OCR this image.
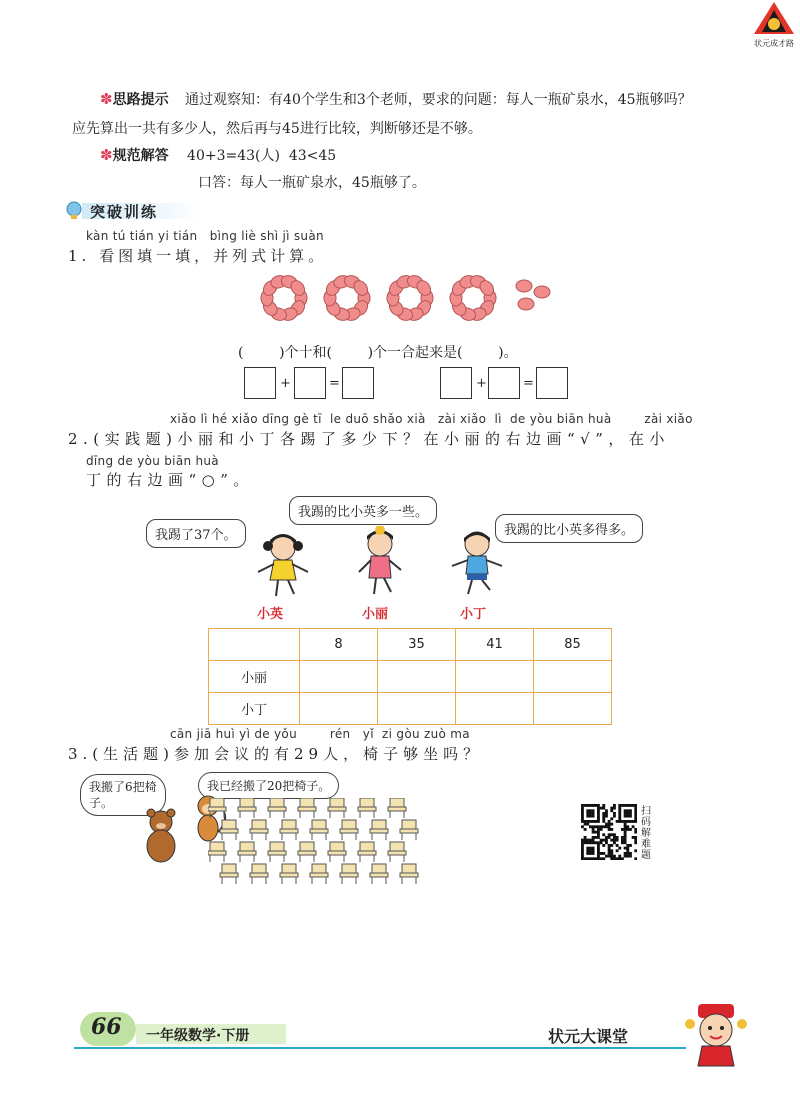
状元成才路
✽思路提示 通过观察知：有40个学生和3个老师，要求的问题：每人一瓶矿泉水，45瓶够吗？
应先算出一共有多少人，然后再与45进行比较，判断够还是不够。
✽规范解答 40+3=43(人)  43<45
口答：每人一瓶矿泉水，45瓶够了。
突破训练
kàn tú tián yi tián   bìng liè shì jì suàn
1. 看图填一填，并列式计算。
(        )个十和(        )个一合起来是(        )。
+	=	+	=
xiǎo lì hé xiǎo dīng gè tī  le duō shǎo xià   zài xiǎo  lì  de yòu biān huà        zài xiǎo
2.(实践题)小丽和小丁各踢了多少下？在小丽的右边画“√”，在小
dīng de yòu biān huà
丁的右边画“○”。
我踢了37个。
我踢的比小英多一些。
我踢的比小英多得多。
小英	小丽	小丁
	8	35	41	85
小丽				
小丁				
cān jiā huì yì de yǒu        rén   yǐ  zi gòu zuò ma
3.(生活题)参加会议的有29人，椅子够坐吗？
我搬了6把椅子。
我已经搬了20把椅子。
扫码解难题
66 一年级数学·下册	状元大课堂
